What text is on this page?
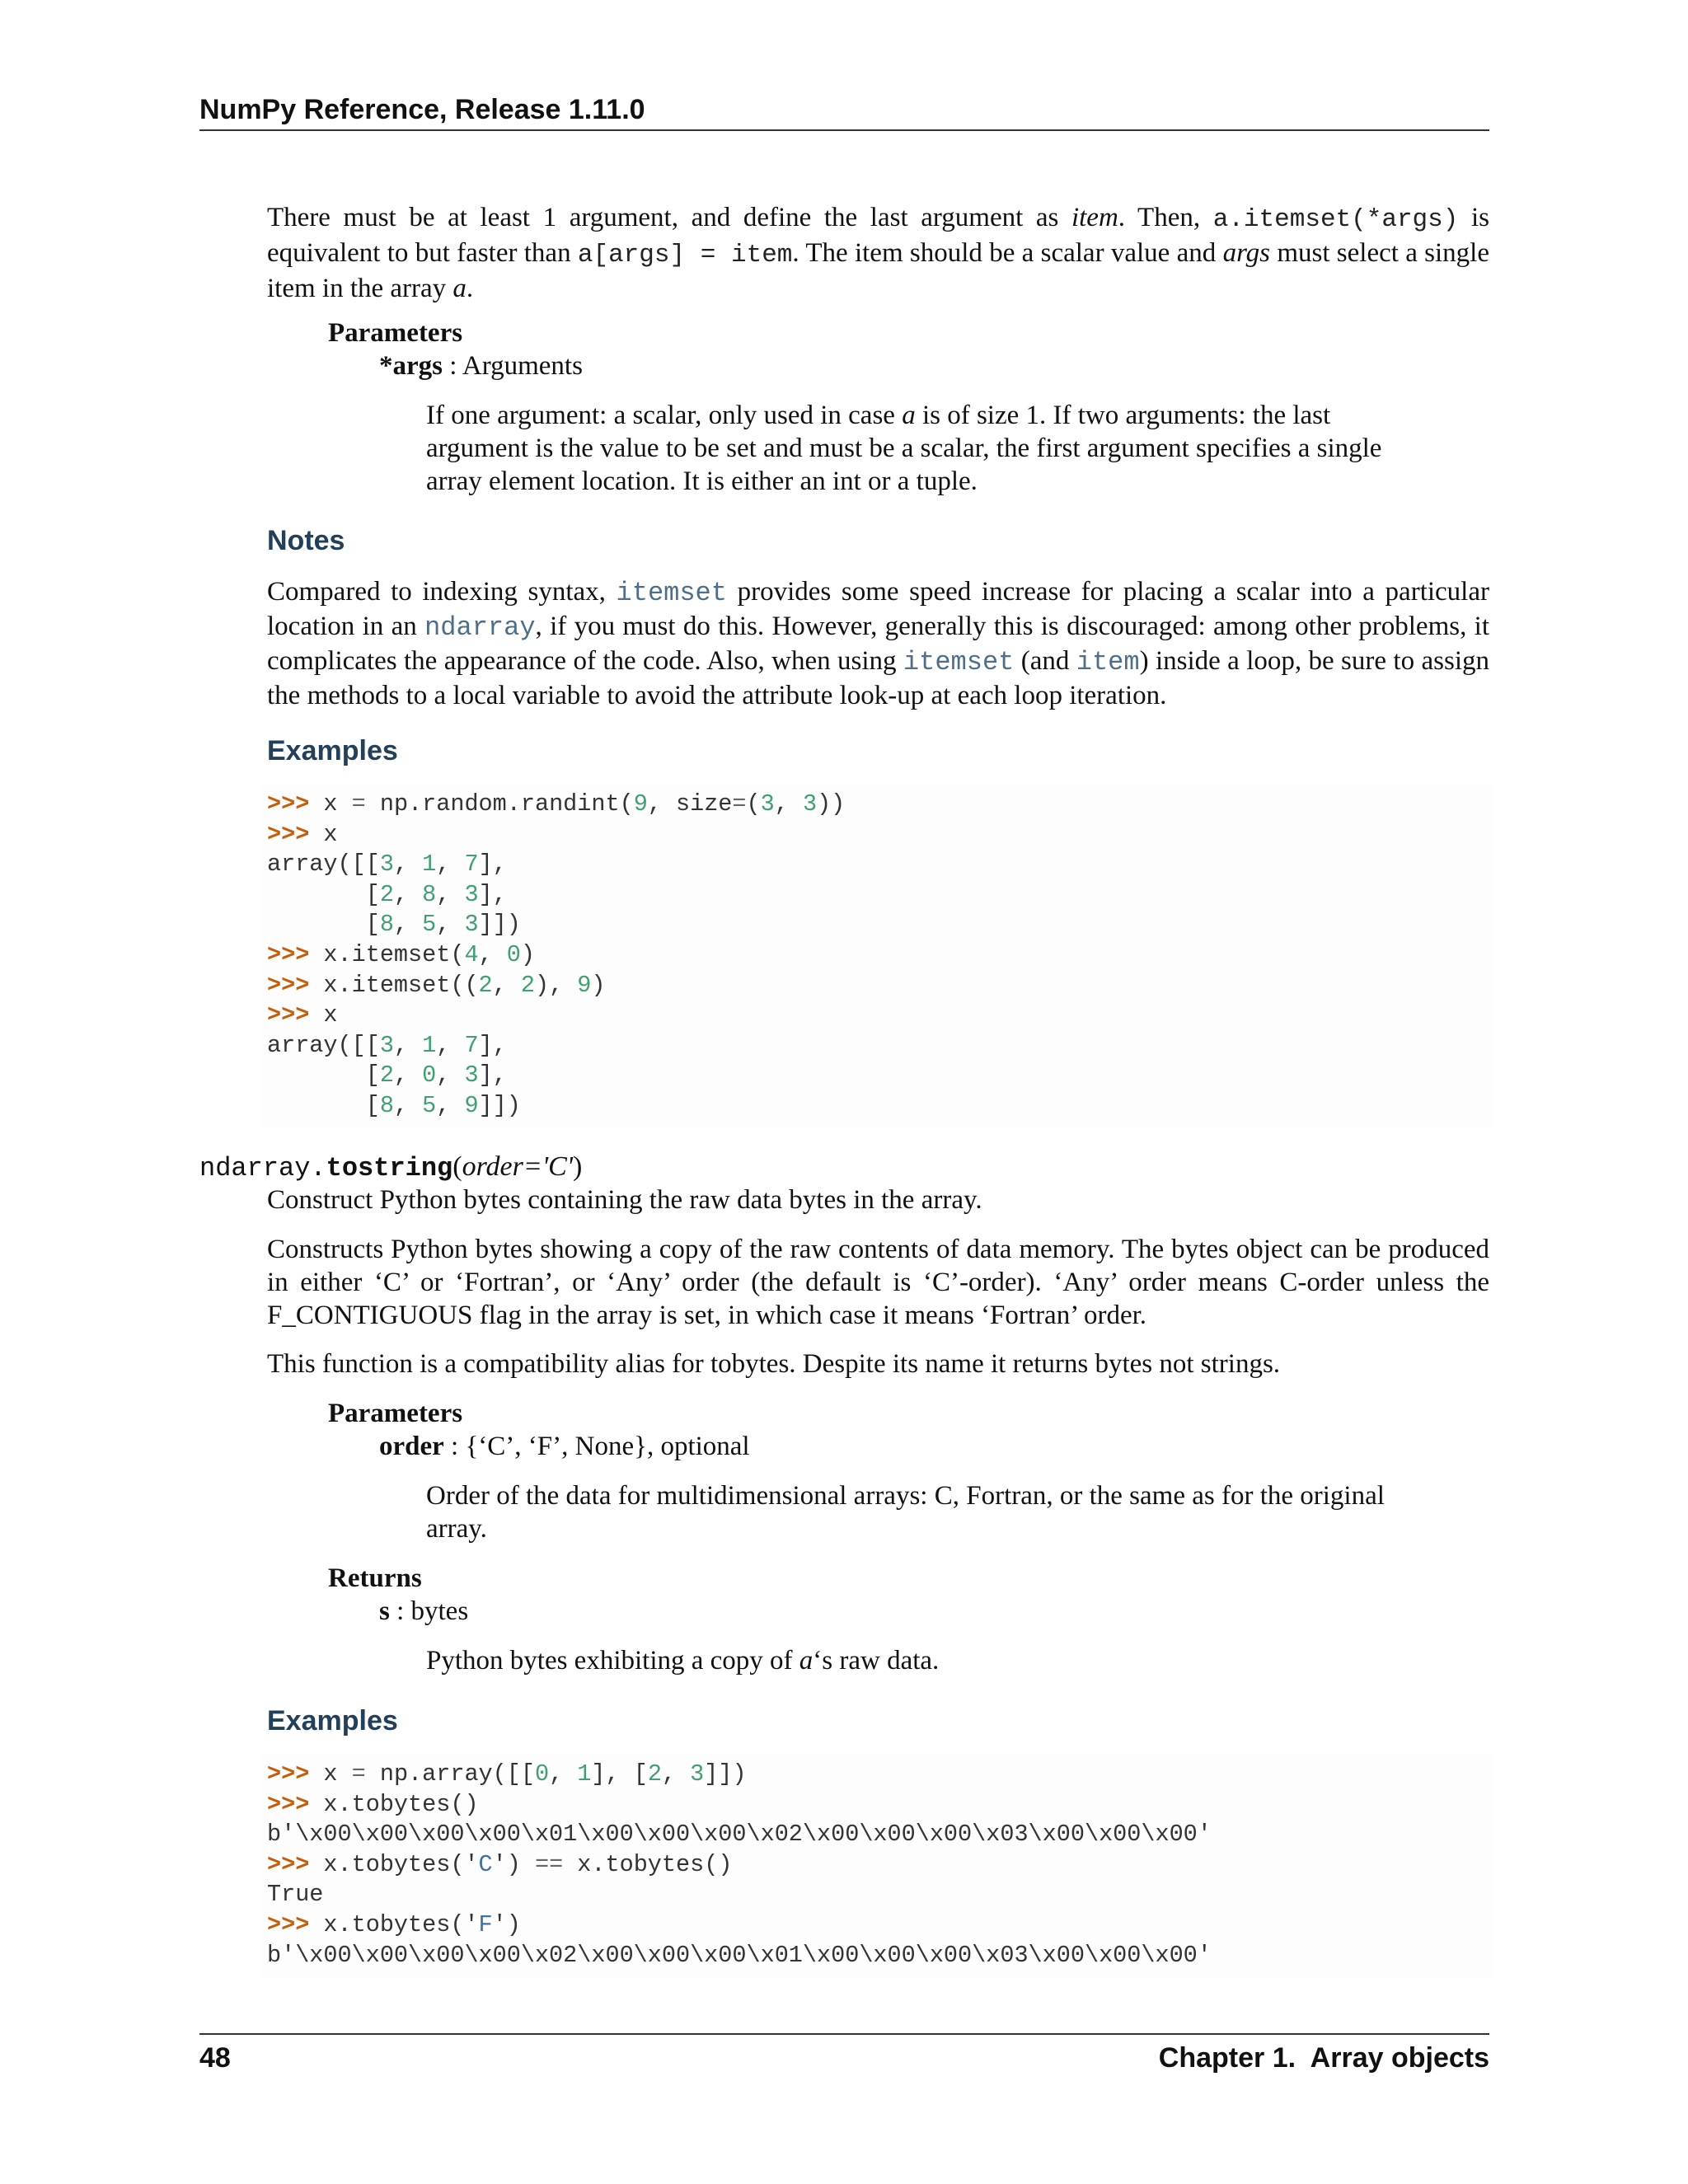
NumPy Reference, Release 1.11.0
There must be at least 1 argument, and define the last argument as item. Then, a.itemset(*args) is equivalent to but faster than a[args] = item. The item should be a scalar value and args must select a single item in the array a.
Parameters
*args : Arguments
If one argument: a scalar, only used in case a is of size 1. If two arguments: the last argument is the value to be set and must be a scalar, the first argument specifies a single array element location. It is either an int or a tuple.
Notes
Compared to indexing syntax, itemset provides some speed increase for placing a scalar into a particular location in an ndarray, if you must do this. However, generally this is discouraged: among other problems, it complicates the appearance of the code. Also, when using itemset (and item) inside a loop, be sure to assign the methods to a local variable to avoid the attribute look-up at each loop iteration.
Examples
>>> x = np.random.randint(9, size=(3, 3))
>>> x
array([[3, 1, 7],
[2, 8, 3],
[8, 5, 3]])
>>> x.itemset(4, 0)
>>> x.itemset((2, 2), 9)
>>> x
array([[3, 1, 7],
[2, 0, 3],
[8, 5, 9]])
ndarray.tostring(order='C')
Construct Python bytes containing the raw data bytes in the array.
Constructs Python bytes showing a copy of the raw contents of data memory. The bytes object can be produced in either ‘C’ or ‘Fortran’, or ‘Any’ order (the default is ‘C’-order). ‘Any’ order means C-order unless the F_CONTIGUOUS flag in the array is set, in which case it means ‘Fortran’ order.
This function is a compatibility alias for tobytes. Despite its name it returns bytes not strings.
Parameters
order : {‘C’, ‘F’, None}, optional
Order of the data for multidimensional arrays: C, Fortran, or the same as for the original array.
Returns
s : bytes
Python bytes exhibiting a copy of a‘s raw data.
Examples
>>> x = np.array([[0, 1], [2, 3]])
>>> x.tobytes()
b'\x00\x00\x00\x00\x01\x00\x00\x00\x02\x00\x00\x00\x03\x00\x00\x00'
>>> x.tobytes('C') == x.tobytes()
True
>>> x.tobytes('F')
b'\x00\x00\x00\x00\x02\x00\x00\x00\x01\x00\x00\x00\x03\x00\x00\x00'
48	Chapter 1.  Array objects
